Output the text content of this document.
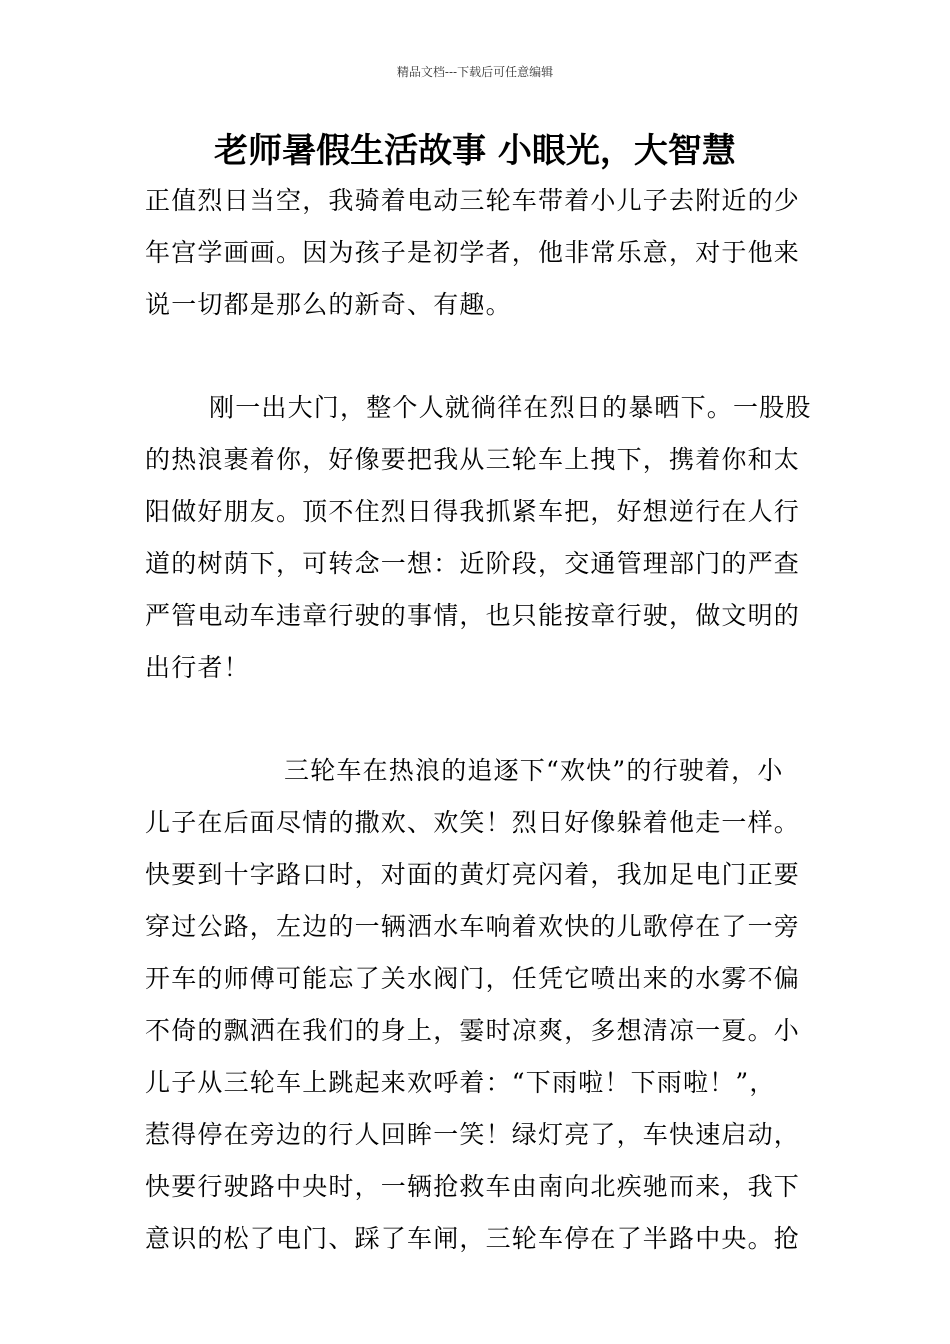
精品文档---下载后可任意编辑
老师暑假生活故事 小眼光，大智慧
正值烈日当空，我骑着电动三轮车带着小儿子去附近的少
年宫学画画。因为孩子是初学者，他非常乐意，对于他来
说一切都是那么的新奇、有趣。
刚一出大门，整个人就徜徉在烈日的暴晒下。一股股
的热浪裹着你，好像要把我从三轮车上拽下，携着你和太
阳做好朋友。顶不住烈日得我抓紧车把，好想逆行在人行
道的树荫下，可转念一想：近阶段，交通管理部门的严查
严管电动车违章行驶的事情，也只能按章行驶，做文明的
出行者！
三轮车在热浪的追逐下“欢快”的行驶着，小
儿子在后面尽情的撒欢、欢笑！烈日好像躲着他走一样。
快要到十字路口时，对面的黄灯亮闪着，我加足电门正要
穿过公路，左边的一辆洒水车响着欢快的儿歌停在了一旁
开车的师傅可能忘了关水阀门，任凭它喷出来的水雾不偏
不倚的飘洒在我们的身上，霎时凉爽，多想清凉一夏。小
儿子从三轮车上跳起来欢呼着：“下雨啦！下雨啦！”，
惹得停在旁边的行人回眸一笑！绿灯亮了，车快速启动，
快要行驶路中央时，一辆抢救车由南向北疾驰而来，我下
意识的松了电门、踩了车闸，三轮车停在了半路中央。抢
